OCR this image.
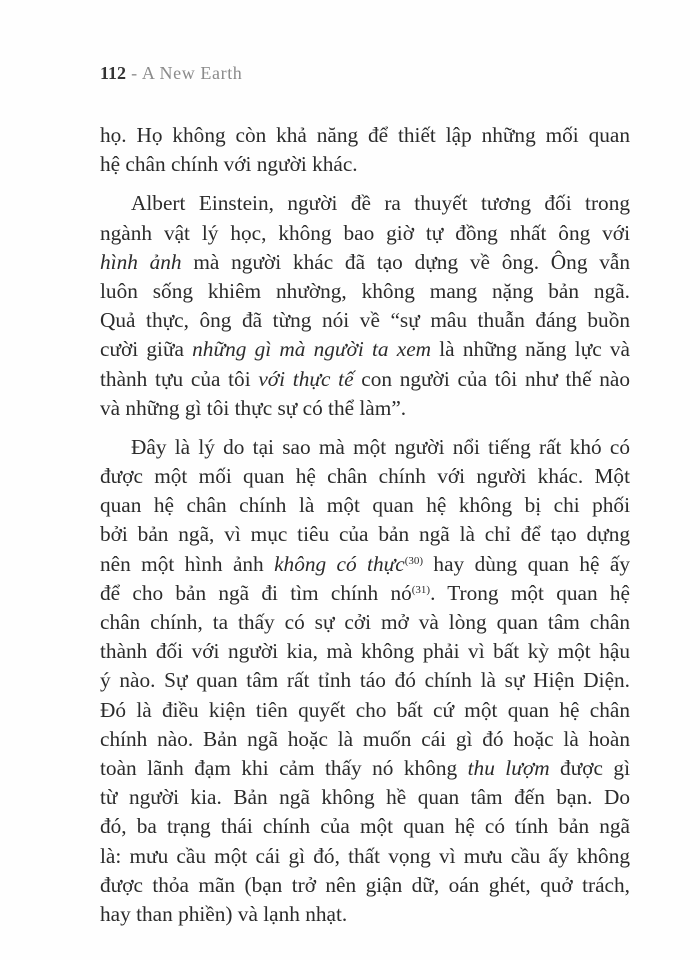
112 - A New Earth
họ. Họ không còn khả năng để thiết lập những mối quan
hệ chân chính với người khác.
Albert Einstein, người đề ra thuyết tương đối trong
ngành vật lý học, không bao giờ tự đồng nhất ông với
hình ảnh mà người khác đã tạo dựng về ông. Ông vẫn
luôn sống khiêm nhường, không mang nặng bản ngã.
Quả thực, ông đã từng nói về “sự mâu thuẫn đáng buồn
cười giữa những gì mà người ta xem là những năng lực và
thành tựu của tôi với thực tế con người của tôi như thế nào
và những gì tôi thực sự có thể làm”.
Đây là lý do tại sao mà một người nổi tiếng rất khó có
được một mối quan hệ chân chính với người khác. Một
quan hệ chân chính là một quan hệ không bị chi phối
bởi bản ngã, vì mục tiêu của bản ngã là chỉ để tạo dựng
nên một hình ảnh không có thực$^{(30)}$ hay dùng quan hệ ấy
để cho bản ngã đi tìm chính $nó^{(31)}$. Trong một quan hệ
chân chính, ta thấy có sự cởi mở và lòng quan tâm chân
thành đối với người kia, mà không phải vì bất kỳ một hậu
ý nào. Sự quan tâm rất tỉnh táo đó chính là sự Hiện Diện.
Đó là điều kiện tiên quyết cho bất cứ một quan hệ chân
chính nào. Bản ngã hoặc là muốn cái gì đó hoặc là hoàn
toàn lãnh đạm khi cảm thấy nó không thu lượm được gì
từ người kia. Bản ngã không hề quan tâm đến bạn. Do
đó, ba trạng thái chính của một quan hệ có tính bản ngã
là: mưu cầu một cái gì đó, thất vọng vì mưu cầu ấy không
được thỏa mãn (bạn trở nên giận dữ, oán ghét, quở trách,
hay than phiền) và lạnh nhạt.
